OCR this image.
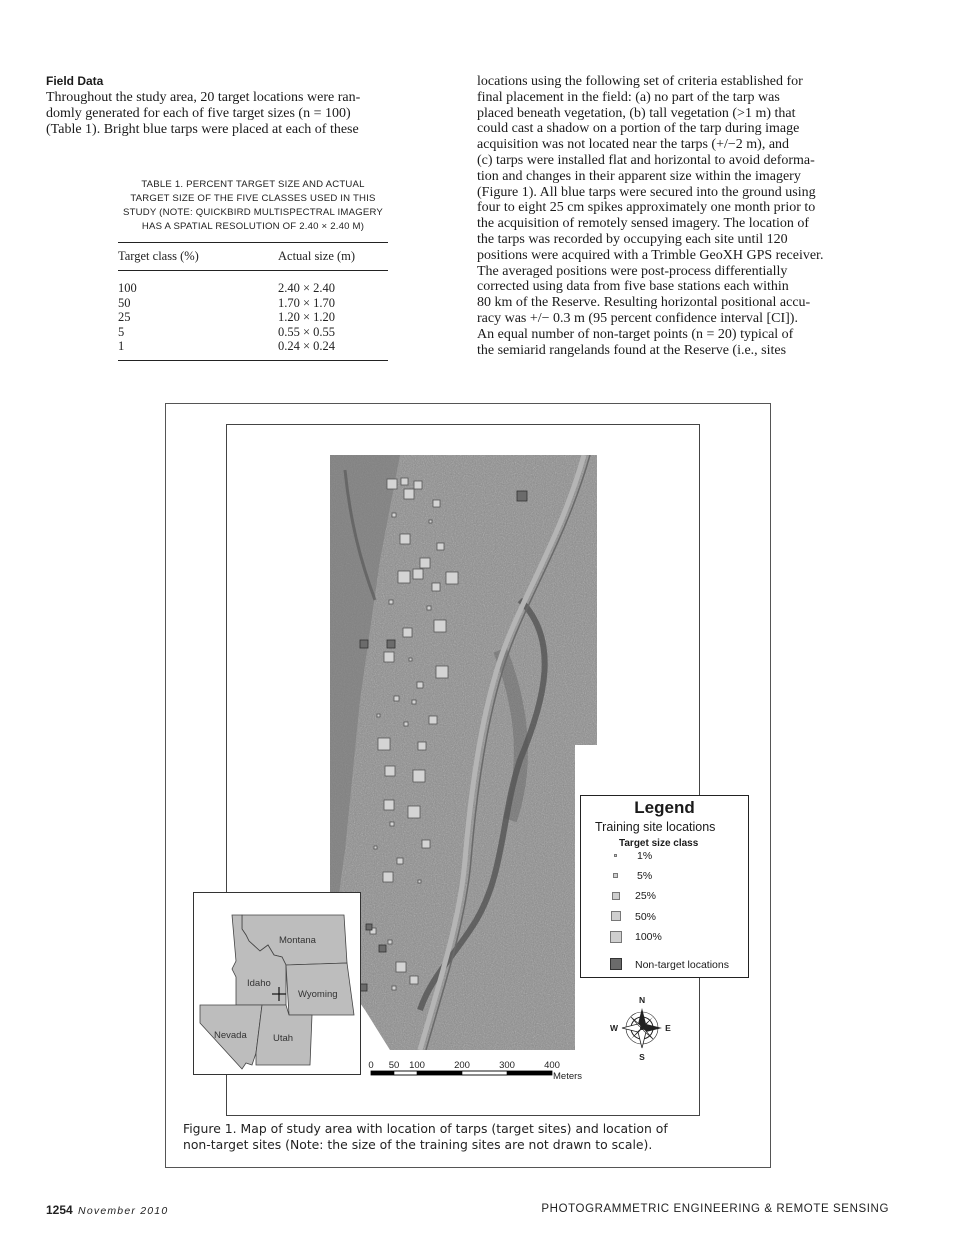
Field Data

Throughout the study area, 20 target locations were ran-
domly generated for each of five target sizes (n = 100)
(Table 1). Bright blue tarps were placed at each of these

TABLE 1. PERCENT TARGET SIZE AND ACTUAL
TARGET SIZE OF THE FIVE CLASSES USED IN THIS
STUDY (NOTE: QUICKBIRD MULTISPECTRAL IMAGERY
HAS A SPATIAL RESOLUTION OF 2.40 × 2.40 M)
Target class (%)	Actual size (m)
100	2.40 × 2.40
50	1.70 × 1.70
25	1.20 × 1.20
5	0.55 × 0.55
1	0.24 × 0.24

locations using the following set of criteria established for
final placement in the field: (a) no part of the tarp was
placed beneath vegetation, (b) tall vegetation (>1 m) that
could cast a shadow on a portion of the tarp during image
acquisition was not located near the tarps (+/−2 m), and
(c) tarps were installed flat and horizontal to avoid deforma-
tion and changes in their apparent size within the imagery
(Figure 1). All blue tarps were secured into the ground using
four to eight 25 cm spikes approximately one month prior to
the acquisition of remotely sensed imagery. The location of
the tarps was recorded by occupying each site until 120
positions were acquired with a Trimble GeoXH GPS receiver.
The averaged positions were post-process differentially
corrected using data from five base stations each within
80 km of the Reserve. Resulting horizontal positional accu-
racy was +/− 0.3 m (95 percent confidence interval [CI]).
An equal number of non-target points (n = 20) typical of
the semiarid rangelands found at the Reserve (i.e., sites

0 50 100	200	300	400
Meters
N
S
E
W
Montana
Idaho
Wyoming
Nevada	Utah
Legend
Training site locations
Target size class
1%
5%
25%
50%
100%
Non-target locations
Figure 1. Map of study area with location of tarps (target sites) and location of
non-target sites (Note: the size of the training sites are not drawn to scale).
1254 November 2010	PHOTOGRAMMETRIC ENGINEERING & REMOTE SENSING
